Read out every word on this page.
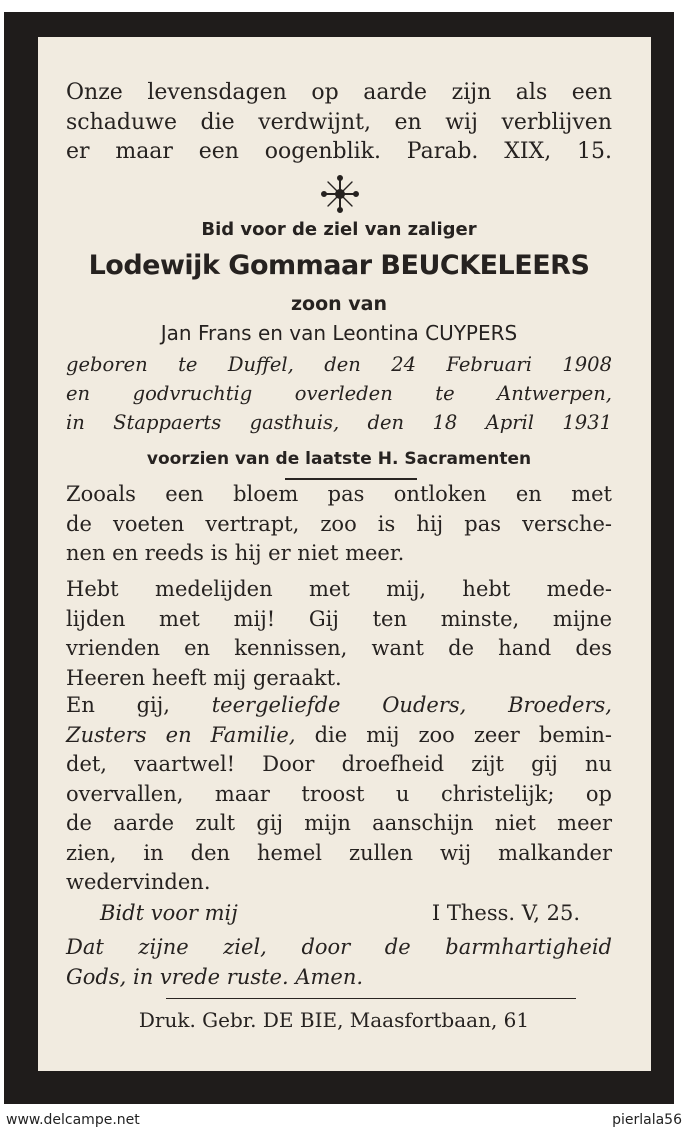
Onze levensdagen op aarde zijn als een
schaduwe die verdwijnt, en wij verblijven
er maar een oogenblik. Parab. XIX, 15.
Bid voor de ziel van zaliger
Lodewijk Gommaar BEUCKELEERS
zoon van
Jan Frans en van Leontina CUYPERS
geboren te Duffel, den 24 Februari 1908
en godvruchtig overleden te Antwerpen,
in Stappaerts gasthuis, den 18 April 1931
voorzien van de laatste H. Sacramenten
Zooals een bloem pas ontloken en met
de voeten vertrapt, zoo is hij pas versche-
nen en reeds is hij er niet meer.
Hebt medelijden met mij, hebt mede-
lijden met mij! Gij ten minste, mijne
vrienden en kennissen, want de hand des
Heeren heeft mij geraakt.
En gij, teergeliefde Ouders, Broeders,
Zusters en Familie, die mij zoo zeer bemin-
det, vaartwel! Door droefheid zijt gij nu
overvallen, maar troost u christelijk; op
de aarde zult gij mijn aanschijn niet meer
zien, in den hemel zullen wij malkander
wedervinden.
Bidt voor mij	I Thess. V, 25.
Dat zijne ziel, door de barmhartigheid
Gods, in vrede ruste. Amen.
Druk. Gebr. DE BIE, Maasfortbaan, 61
www.delcampe.net	pierlala56
